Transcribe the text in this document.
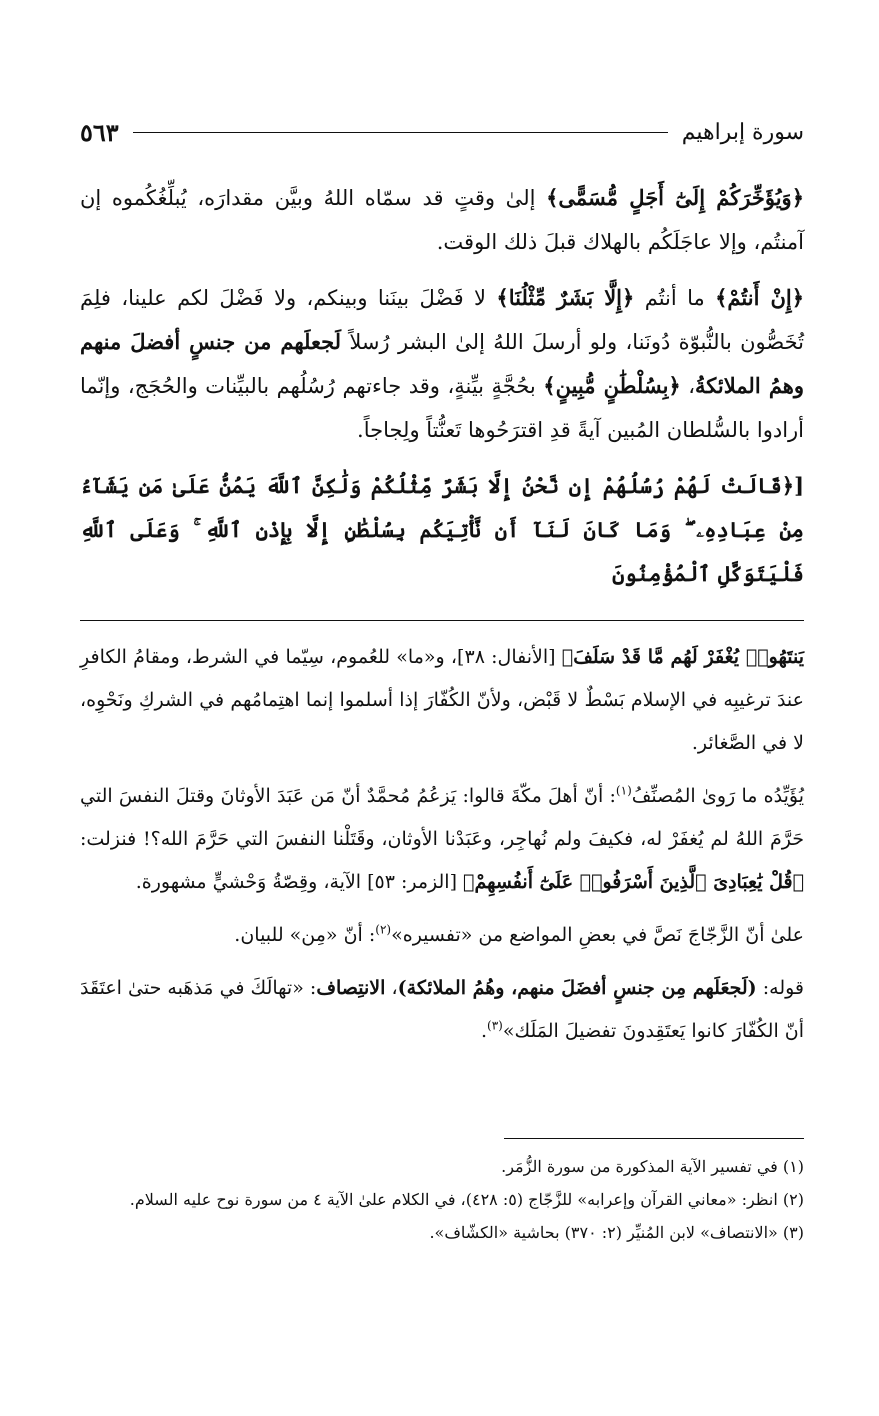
سورة إبراهيم
٥٦٣

﴿وَيُؤَخِّرَكُمْ إِلَىٰٓ أَجَلٍ مُّسَمًّى﴾ إلىٰ وقتٍ قد سمّاه اللهُ وبيَّن مقدارَه، يُبلِّغُكُموه إن آمنتُم، وإلا عاجَلَكُم بالهلاك قبلَ ذلك الوقت.

﴿إِنْ أَنتُمْ﴾ ما أنتُم ﴿إِلَّا بَشَرٌ مِّثْلُنَا﴾ لا فَضْلَ بينَنا وبينكم، ولا فَضْلَ لكم علينا، فلِمَ تُخَصُّون بالنُّبوّة دُونَنا، ولو أرسلَ اللهُ إلىٰ البشر رُسلاً لَجعلَهم من جنسٍ أفضلَ منهم وهمُ الملائكةُ، ﴿بِسُلْطَٰنٍ مُّبِينٍ﴾ بحُجَّةٍ بيِّنةٍ، وقد جاءتهم رُسُلُهم بالبيِّنات والحُجَج، وإنّما أرادوا بالسُّلطان المُبين آيةً قدِ اقترَحُوها تَعنُّتاً ولِجاجاً.

[﴿قَالَتْ لَهُمْ رُسُلُهُمْ إِن نَّحْنُ إِلَّا بَشَرٌ مِّثْلُكُمْ وَلَٰكِنَّ ٱللَّهَ يَمُنُّ عَلَىٰ مَن يَشَآءُ مِنْ عِبَادِهِۦ ۖ وَمَا كَانَ لَنَآ أَن نَّأْتِيَكُم بِسُلْطَٰنٍ إِلَّا بِإِذْنِ ٱللَّهِ ۚ وَعَلَى ٱللَّهِ فَلْيَتَوَكَّلِ ٱلْمُؤْمِنُونَ

يَنتَهُوا۟ يُغْفَرْ لَهُم مَّا قَدْ سَلَفَ﴾ [الأنفال: ٣٨]، و«ما» للعُموم، سِيّما في الشرط، ومقامُ الكافرِ عندَ ترغيبِه في الإسلام بَسْطٌ لا قَبْض، ولأنّ الكُفّارَ إذا أسلموا إنما اهتِمامُهم في الشركِ ونَحْوِه، لا في الصَّغائر.

يُؤَيِّدُه ما رَوىٰ المُصنِّفُ$^{(١)}$: أنّ أهلَ مكّةَ قالوا: يَزعُمُ مُحمَّدٌ أنّ مَن عَبَدَ الأوثانَ وقتلَ النفسَ التي حَرَّمَ اللهُ لم يُغفَرْ له، فكيفَ ولم نُهاجِر، وعَبَدْنا الأوثان، وقَتَلْنا النفسَ التي حَرَّمَ الله؟! فنزلت: ﴿قُلْ يَٰعِبَادِىَ ٱلَّذِينَ أَسْرَفُوا۟ عَلَىٰٓ أَنفُسِهِمْ﴾ [الزمر: ٥٣] الآية، وقِصّةُ وَحْشيٍّ مشهورة.

علىٰ أنّ الزَّجّاجَ نَصَّ في بعضِ المواضع من «تفسيره»$^{(٢)}$: أنّ «مِن» للبيان.

قوله: (لَجعَلَهم مِن جنسٍ أفضَلَ منهم، وهُمُ الملائكة)، الانتِصاف: «تهالَكَ في مَذهَبه حتىٰ اعتَقَدَ أنّ الكُفّارَ كانوا يَعتَقِدونَ تفضيلَ المَلَك»$^{(٣)}$.

(١) في تفسير الآية المذكورة من سورة الزُّمَر.

(٢) انظر: «معاني القرآن وإعرابه» للزَّجّاج (٥: ٤٢٨)، في الكلام علىٰ الآية ٤ من سورة نوح عليه السلام.

(٣) «الانتصاف» لابن المُنيِّر (٢: ٣٧٠) بحاشية «الكشّاف».
